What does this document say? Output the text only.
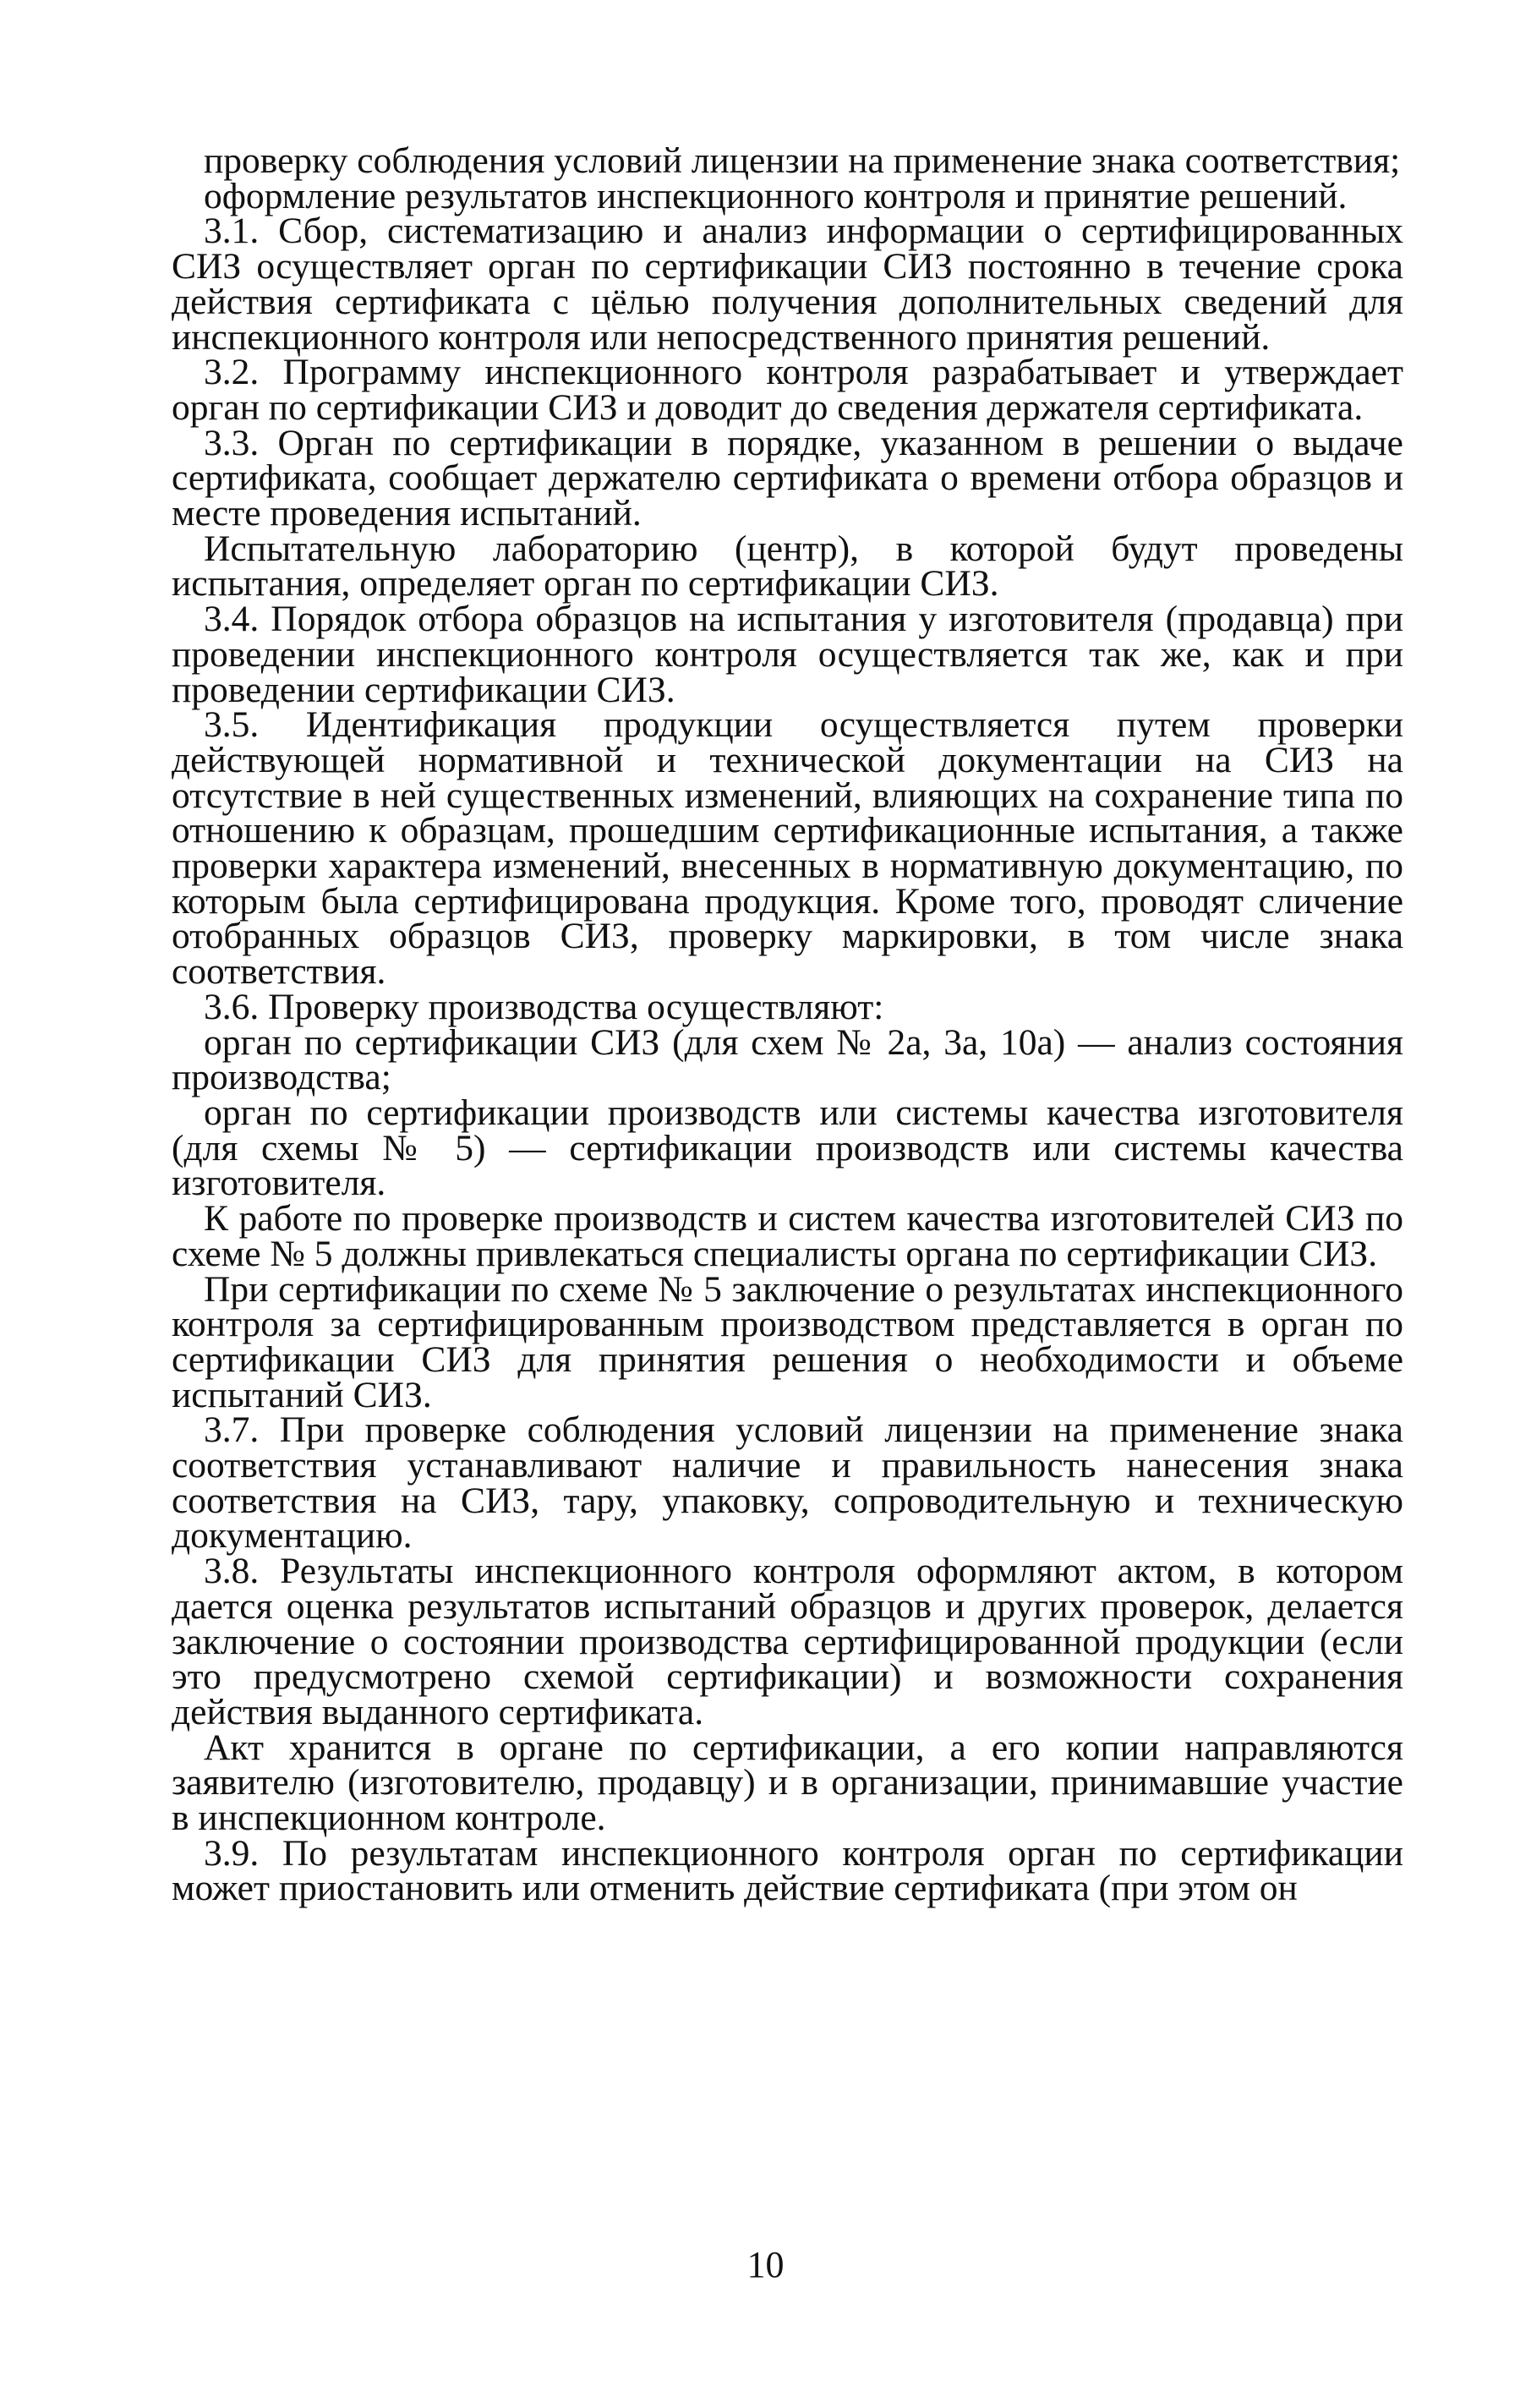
проверку соблюдения условий лицензии на применение знака соответствия;

оформление результатов инспекционного контроля и принятие решений.

3.1. Сбор, систематизацию и анализ информации о сертифицированных СИЗ осуществляет орган по сертификации СИЗ постоянно в течение срока действия сертификата с цёлью получения дополнительных сведений для инспекционного контроля или непосредственного принятия решений.

3.2. Программу инспекционного контроля разрабатывает и утверждает орган по сертификации СИЗ и доводит до сведения держателя сертификата.

3.3. Орган по сертификации в порядке, указанном в решении о выдаче сертификата, сообщает держателю сертификата о времени отбора образцов и месте проведения испытаний.

Испытательную лабораторию (центр), в которой будут проведены испытания, определяет орган по сертификации СИЗ.

3.4. Порядок отбора образцов на испытания у изготовителя (продавца) при проведении инспекционного контроля осуществляется так же, как и при проведении сертификации СИЗ.

3.5. Идентификация продукции осуществляется путем проверки действующей нормативной и технической документации на СИЗ на отсутствие в ней существенных изменений, влияющих на сохранение типа по отношению к образцам, прошедшим сертификационные испытания, а также проверки характера изменений, внесенных в нормативную документацию, по которым была сертифицирована продукция. Кроме того, проводят сличение отобранных образцов СИЗ, проверку маркировки, в том числе знака соответствия.

3.6. Проверку производства осуществляют:

орган по сертификации СИЗ (для схем № 2а, 3а, 10а) — анализ состояния производства;

орган по сертификации производств или системы качества изготовителя (для схемы № 5) — сертификации производств или системы качества изготовителя.

К работе по проверке производств и систем качества изготовителей СИЗ по схеме № 5 должны привлекаться специалисты органа по сертификации СИЗ.

При сертификации по схеме № 5 заключение о результатах инспекционного контроля за сертифицированным производством представляется в орган по сертификации СИЗ для принятия решения о необходимости и объеме испытаний СИЗ.

3.7. При проверке соблюдения условий лицензии на применение знака соответствия устанавливают наличие и правильность нанесения знака соответствия на СИЗ, тару, упаковку, сопроводительную и техническую документацию.

3.8. Результаты инспекционного контроля оформляют актом, в котором дается оценка результатов испытаний образцов и других проверок, делается заключение о состоянии производства сертифицированной продукции (если это предусмотрено схемой сертификации) и возможности сохранения действия выданного сертификата.

Акт хранится в органе по сертификации, а его копии направляются заявителю (изготовителю, продавцу) и в организации, принимавшие участие в инспекционном контроле.

3.9. По результатам инспекционного контроля орган по сертификации может приостановить или отменить действие сертификата (при этом он

10
